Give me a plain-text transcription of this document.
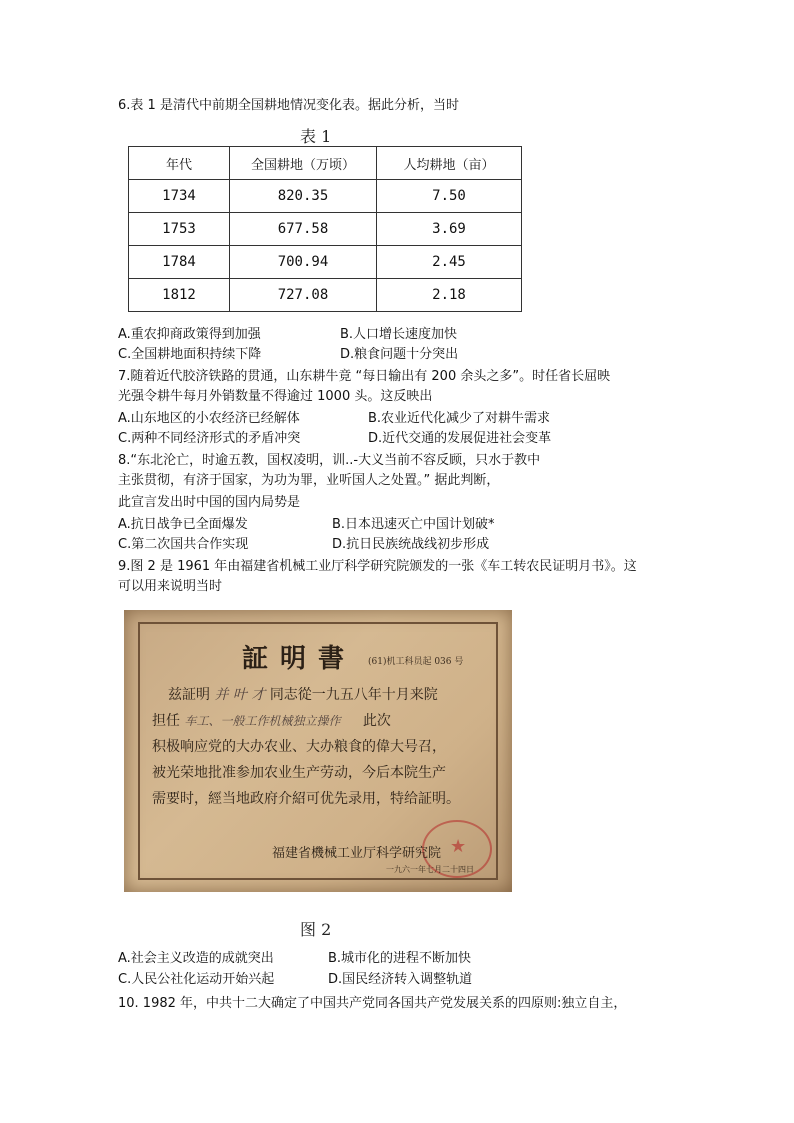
6.表 1 是清代中前期全国耕地情况变化表。据此分析，当时
表 1
年代	全国耕地（万顷）	人均耕地（亩）
1734	820.35	7.50
1753	677.58	3.69
1784	700.94	2.45
1812	727.08	2.18
A.重农抑商政策得到加强	B.人口增长速度加快
C.全国耕地面积持续下降	D.粮食问题十分突出
7.随着近代胶济铁路的贯通，山东耕牛竟 “每日输出有 200 余头之多”。时任省长屈映
光强令耕牛每月外销数量不得逾过 1000 头。这反映出
A.山东地区的小农经济已经解体	B.农业近代化减少了对耕牛需求
C.两种不同经济形式的矛盾冲突	D.近代交通的发展促进社会变革
8.“东北沦亡，时逾五教，国权凌明，训..-大义当前不容反顾，只水于教中
主张贯彻，有济于国家，为功为罪，业听国人之处置。” 据此判断，
此宣言发出时中国的国内局势是
A.抗日战争已全面爆发	B.日本迅速灭亡中国计划破*
C.第二次国共合作实现	D.抗日民族统战线初步形成
9.图 2 是 1961 年由福建省机械工业厅科学研究院颁发的一张《车工转农民证明月书》。这
可以用来说明当时
証明書 (61)机工科员起 036 号
兹証明 并 叶 才 同志從一九五八年十月来院
担任 车工、一般工作机械独立操作 此次
积极响应党的大办农业、大办粮食的偉大号召，
被光荣地批准参加农业生产劳动，今后本院生产
需要时，經当地政府介紹可优先录用，特给証明。
★
福建省機械工业厅科学研究院
一九六一年七月二十四日
图 2
A.社会主义改造的成就突出	B.城市化的进程不断加快
C.人民公社化运动开始兴起	D.国民经济转入调整轨道
10. 1982 年，中共十二大确定了中国共产党同各国共产党发展关系的四原则:独立自主，
